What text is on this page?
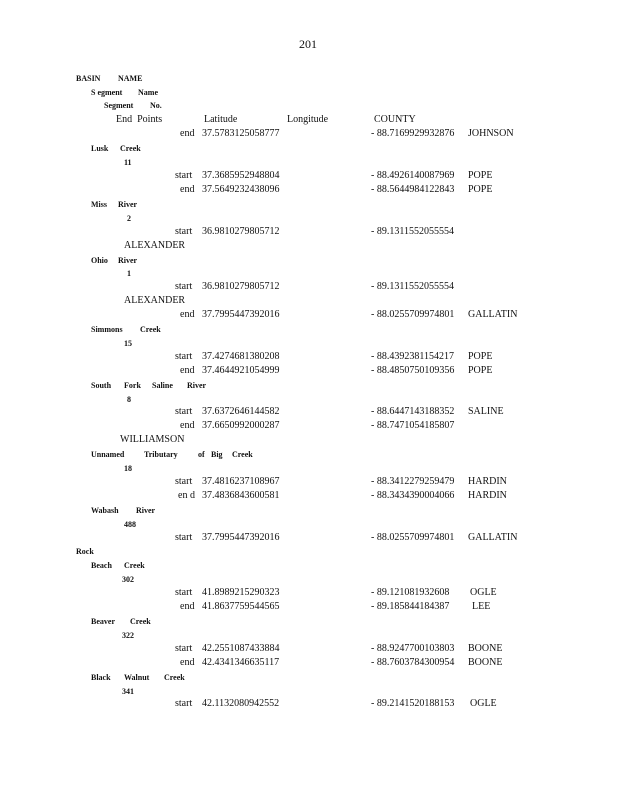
201
BASIN NAME
S egment Name
Segment No.
End  Points	Latitude	Longitude	COUNTY
end 37.5783125058777	- 88.7169929932876 JOHNSON
Lusk Creek
11
start 37.3685952948804	- 88.4926140087969 POPE
end 37.5649232438096	- 88.5644984122843 POPE
Miss River
2
start 36.9810279805712	- 89.1311552055554
ALEXANDER
Ohio River
1
start 36.9810279805712	- 89.1311552055554
ALEXANDER
end 37.7995447392016	- 88.0255709974801 GALLATIN
Simmons Creek
15
start 37.4274681380208	- 88.4392381154217 POPE
end 37.4644921054999	- 88.4850750109356 POPE
South Fork Saline River
8
start 37.6372646144582	- 88.6447143188352 SALINE
end 37.6650992000287	- 88.7471054185807
WILLIAMSON
Unnamed Tributary	of Big Creek
18
start 37.4816237108967	- 88.3412279259479 HARDIN
en d 37.4836843600581	- 88.3434390004066 HARDIN
Wabash River
488
start 37.7995447392016	- 88.0255709974801 GALLATIN
Rock
Beach Creek
302
start 41.8989215290323	- 89.121081932608 OGLE
end 41.8637759544565	- 89.185844184387 LEE
Beaver Creek
322
start 42.2551087433884	- 88.9247700103803 BOONE
end 42.4341346635117	- 88.7603784300954 BOONE
Black Walnut Creek
341
start 42.1132080942552	- 89.2141520188153 OGLE
